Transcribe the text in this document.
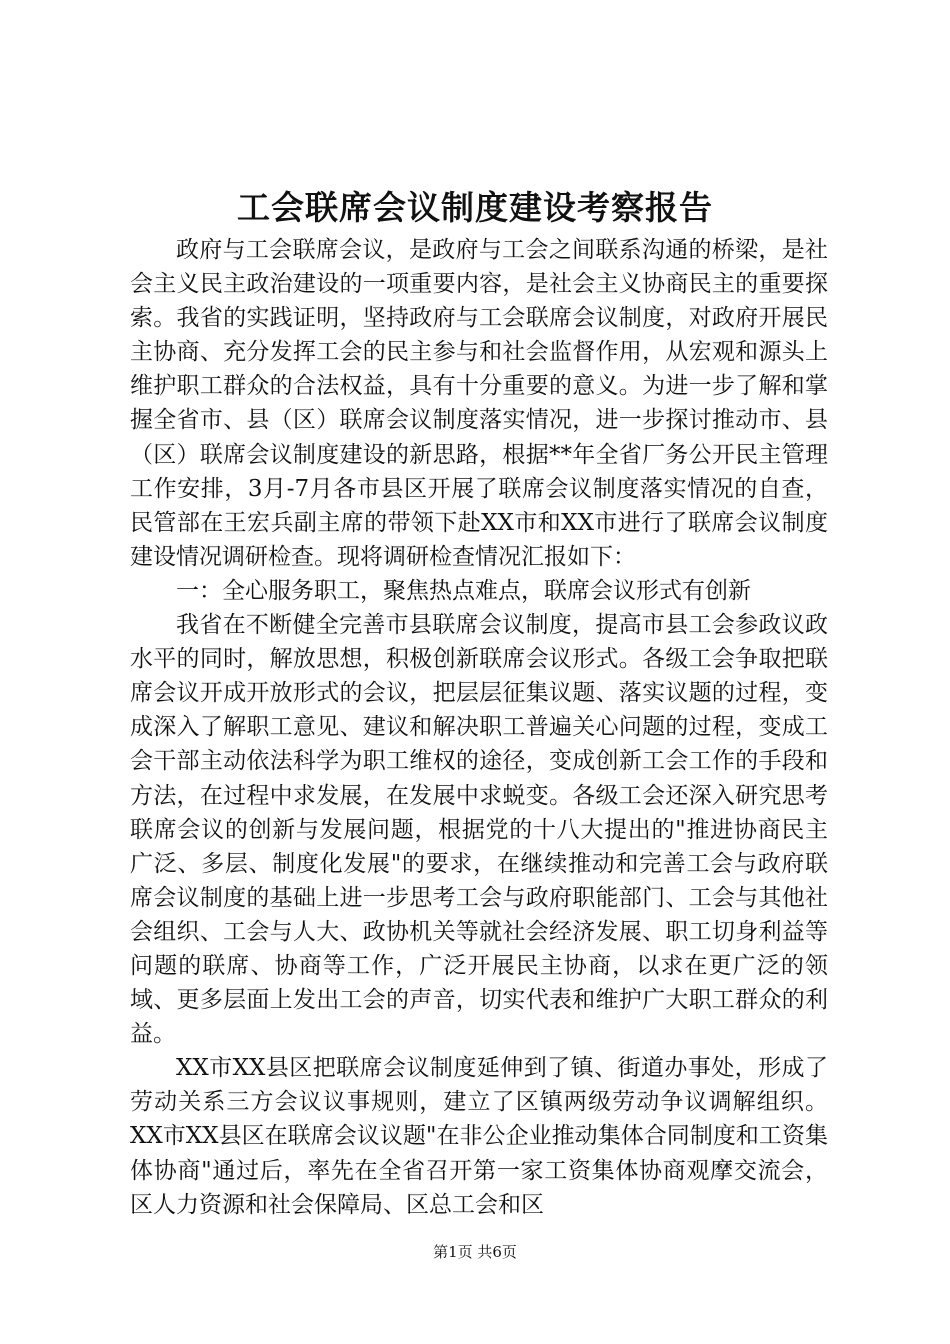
工会联席会议制度建设考察报告

政府与工会联席会议，是政府与工会之间联系沟通的桥梁，是社会主义民主政治建设的一项重要内容，是社会主义协商民主的重要探索。我省的实践证明，坚持政府与工会联席会议制度，对政府开展民主协商、充分发挥工会的民主参与和社会监督作用，从宏观和源头上维护职工群众的合法权益，具有十分重要的意义。为进一步了解和掌握全省市、县（区）联席会议制度落实情况，进一步探讨推动市、县（区）联席会议制度建设的新思路，根据**年全省厂务公开民主管理工作安排，3月-7月各市县区开展了联席会议制度落实情况的自查，民管部在王宏兵副主席的带领下赴XX市和XX市进行了联席会议制度建设情况调研检查。现将调研检查情况汇报如下：

一：全心服务职工，聚焦热点难点，联席会议形式有创新

我省在不断健全完善市县联席会议制度，提高市县工会参政议政水平的同时，解放思想，积极创新联席会议形式。各级工会争取把联席会议开成开放形式的会议，把层层征集议题、落实议题的过程，变成深入了解职工意见、建议和解决职工普遍关心问题的过程，变成工会干部主动依法科学为职工维权的途径，变成创新工会工作的手段和方法，在过程中求发展，在发展中求蜕变。各级工会还深入研究思考联席会议的创新与发展问题，根据党的十八大提出的"推进协商民主广泛、多层、制度化发展"的要求，在继续推动和完善工会与政府联席会议制度的基础上进一步思考工会与政府职能部门、工会与其他社会组织、工会与人大、政协机关等就社会经济发展、职工切身利益等问题的联席、协商等工作，广泛开展民主协商，以求在更广泛的领域、更多层面上发出工会的声音，切实代表和维护广大职工群众的利益。

XX市XX县区把联席会议制度延伸到了镇、街道办事处，形成了劳动关系三方会议议事规则，建立了区镇两级劳动争议调解组织。XX市XX县区在联席会议议题"在非公企业推动集体合同制度和工资集体协商"通过后，率先在全省召开第一家工资集体协商观摩交流会，区人力资源和社会保障局、区总工会和区

第1页 共6页
